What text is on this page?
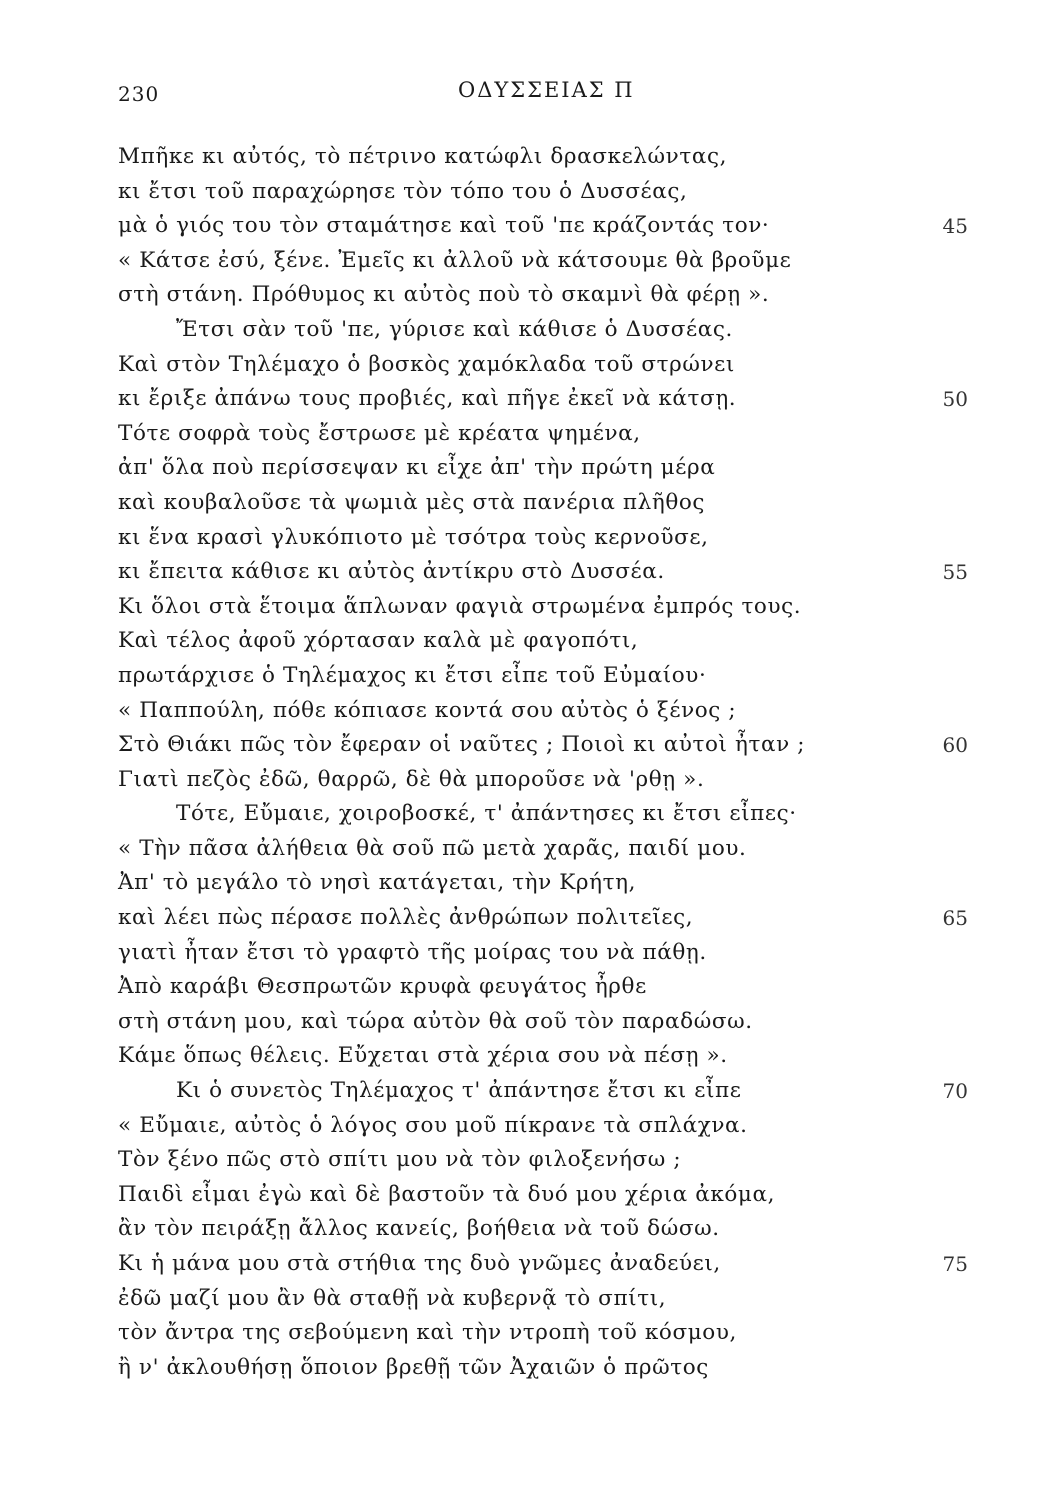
230	ΟΔΥΣΣΕΙΑΣ Π
Μπῆκε κι αὐτός, τὸ πέτρινο κατώφλι δρασκελώντας,
κι ἔτσι τοῦ παραχώρησε τὸν τόπο του ὁ Δυσσέας,
μὰ ὁ γιός του τὸν σταμάτησε καὶ τοῦ 'πε κράζοντάς τον·	45
« Κάτσε ἐσύ, ξένε. Ἐμεῖς κι ἀλλοῦ νὰ κάτσουμε θὰ βροῦμε
στὴ στάνη. Πρόθυμος κι αὐτὸς ποὺ τὸ σκαμνὶ θὰ φέρῃ ».
Ἔτσι σὰν τοῦ 'πε, γύρισε καὶ κάθισε ὁ Δυσσέας.
Καὶ στὸν Τηλέμαχο ὁ βοσκὸς χαμόκλαδα τοῦ στρώνει
κι ἔριξε ἀπάνω τους προβιές, καὶ πῆγε ἐκεῖ νὰ κάτσῃ.	50
Τότε σοφρὰ τοὺς ἔστρωσε μὲ κρέατα ψημένα,
ἀπ' ὅλα ποὺ περίσσεψαν κι εἶχε ἀπ' τὴν πρώτη μέρα
καὶ κουβαλοῦσε τὰ ψωμιὰ μὲς στὰ πανέρια πλῆθος
κι ἕνα κρασὶ γλυκόπιοτο μὲ τσότρα τοὺς κερνοῦσε,
κι ἔπειτα κάθισε κι αὐτὸς ἀντίκρυ στὸ Δυσσέα.	55
Κι ὅλοι στὰ ἕτοιμα ἅπλωναν φαγιὰ στρωμένα ἐμπρός τους.
Καὶ τέλος ἀφοῦ χόρτασαν καλὰ μὲ φαγοπότι,
πρωτάρχισε ὁ Τηλέμαχος κι ἔτσι εἶπε τοῦ Εὐμαίου·
« Παππούλη, πόθε κόπιασε κοντά σου αὐτὸς ὁ ξένος ;
Στὸ Θιάκι πῶς τὸν ἔφεραν οἱ ναῦτες ; Ποιοὶ κι αὐτοὶ ἦταν ;	60
Γιατὶ πεζὸς ἐδῶ, θαρρῶ, δὲ θὰ μποροῦσε νὰ 'ρθῃ ».
Τότε, Εὔμαιε, χοιροβοσκέ, τ' ἀπάντησες κι ἔτσι εἶπες·
« Τὴν πᾶσα ἀλήθεια θὰ σοῦ πῶ μετὰ χαρᾶς, παιδί μου.
Ἀπ' τὸ μεγάλο τὸ νησὶ κατάγεται, τὴν Κρήτη,
καὶ λέει πὼς πέρασε πολλὲς ἀνθρώπων πολιτεῖες,	65
γιατὶ ἦταν ἔτσι τὸ γραφτὸ τῆς μοίρας του νὰ πάθῃ.
Ἀπὸ καράβι Θεσπρωτῶν κρυφὰ φευγάτος ἦρθε
στὴ στάνη μου, καὶ τώρα αὐτὸν θὰ σοῦ τὸν παραδώσω.
Κάμε ὅπως θέλεις. Εὔχεται στὰ χέρια σου νὰ πέσῃ ».
Κι ὁ συνετὸς Τηλέμαχος τ' ἀπάντησε ἔτσι κι εἶπε	70
« Εὔμαιε, αὐτὸς ὁ λόγος σου μοῦ πίκρανε τὰ σπλάχνα.
Τὸν ξένο πῶς στὸ σπίτι μου νὰ τὸν φιλοξενήσω ;
Παιδὶ εἶμαι ἐγὼ καὶ δὲ βαστοῦν τὰ δυό μου χέρια ἀκόμα,
ἂν τὸν πειράξῃ ἄλλος κανείς, βοήθεια νὰ τοῦ δώσω.
Κι ἡ μάνα μου στὰ στήθια της δυὸ γνῶμες ἀναδεύει,	75
ἐδῶ μαζί μου ἂν θὰ σταθῇ νὰ κυβερνᾷ τὸ σπίτι,
τὸν ἄντρα της σεβούμενη καὶ τὴν ντροπὴ τοῦ κόσμου,
ἢ ν' ἀκλουθήσῃ ὅποιον βρεθῇ τῶν Ἀχαιῶν ὁ πρῶτος
